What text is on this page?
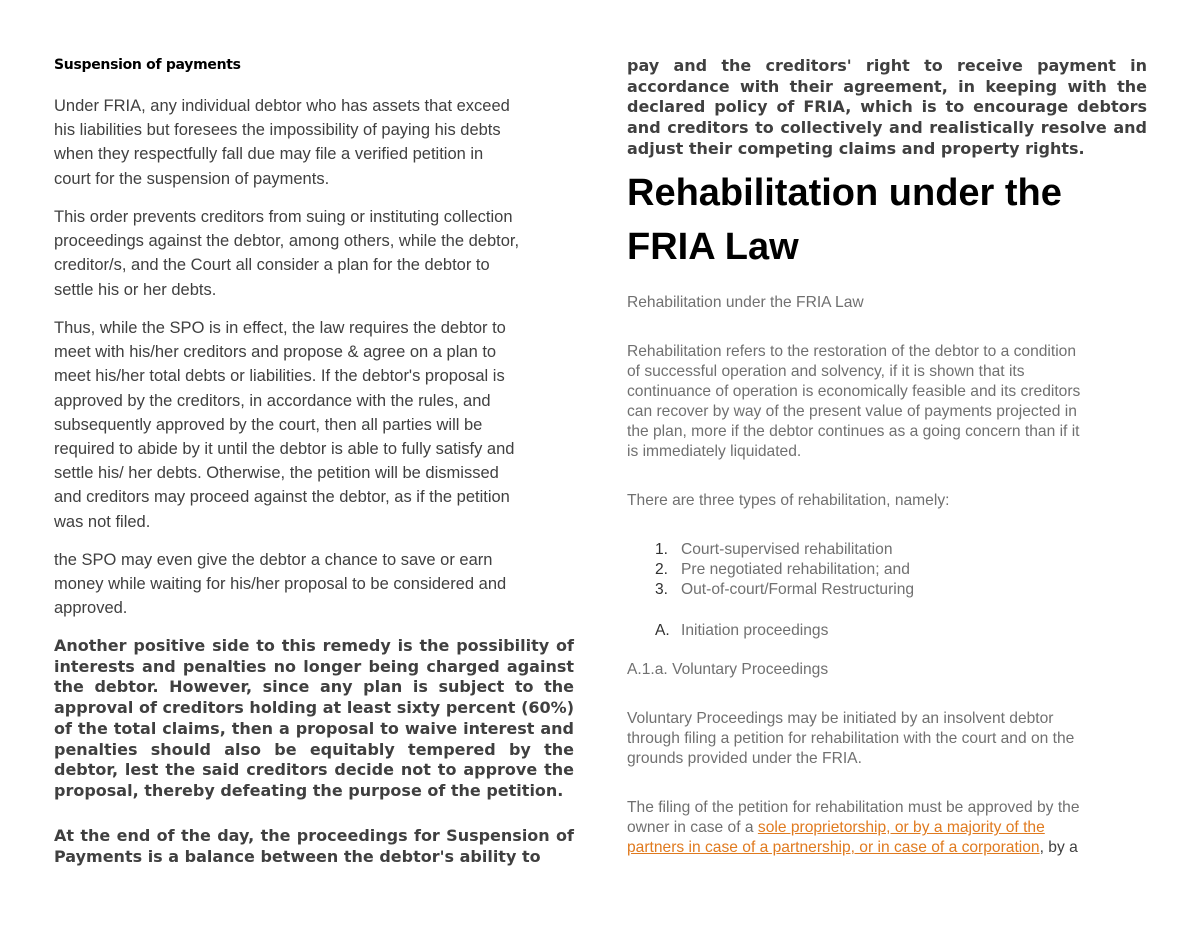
Suspension of payments
Under FRIA, any individual debtor who has assets that exceed
his liabilities but foresees the impossibility of paying his debts
when they respectfully fall due may file a verified petition in
court for the suspension of payments.
This order prevents creditors from suing or instituting collection
proceedings against the debtor, among others, while the debtor,
creditor/s, and the Court all consider a plan for the debtor to
settle his or her debts.
Thus, while the SPO is in effect, the law requires the debtor to
meet with his/her creditors and propose & agree on a plan to
meet his/her total debts or liabilities. If the debtor's proposal is
approved by the creditors, in accordance with the rules, and
subsequently approved by the court, then all parties will be
required to abide by it until the debtor is able to fully satisfy and
settle his/ her debts. Otherwise, the petition will be dismissed
and creditors may proceed against the debtor, as if the petition
was not filed.
the SPO may even give the debtor a chance to save or earn
money while waiting for his/her proposal to be considered and
approved.

Another positive side to this remedy is the possibility of interests and penalties no longer being charged against the debtor. However, since any plan is subject to the approval of creditors holding at least sixty percent (60%) of the total claims, then a proposal to waive interest and penalties should also be equitably tempered by the debtor, lest the said creditors decide not to approve the proposal, thereby defeating the purpose of the petition.

At the end of the day, the proceedings for Suspension of Payments is a balance between the debtor's ability to

pay and the creditors' right to receive payment in accordance with their agreement, in keeping with the declared policy of FRIA, which is to encourage debtors and creditors to collectively and realistically resolve and adjust their competing claims and property rights.

Rehabilitation under the
FRIA Law

Rehabilitation under the FRIA Law

Rehabilitation refers to the restoration of the debtor to a condition
of successful operation and solvency, if it is shown that its
continuance of operation is economically feasible and its creditors
can recover by way of the present value of payments projected in
the plan, more if the debtor continues as a going concern than if it
is immediately liquidated.

There are three types of rehabilitation, namely:

1. Court-supervised rehabilitation
2. Pre negotiated rehabilitation; and
3. Out-of-court/Formal Restructuring
A. Initiation proceedings

A.1.a. Voluntary Proceedings

Voluntary Proceedings may be initiated by an insolvent debtor
through filing a petition for rehabilitation with the court and on the
grounds provided under the FRIA.
The filing of the petition for rehabilitation must be approved by the
owner in case of a sole proprietorship, or by a majority of the
partners in case of a partnership, or in case of a corporation, by a
